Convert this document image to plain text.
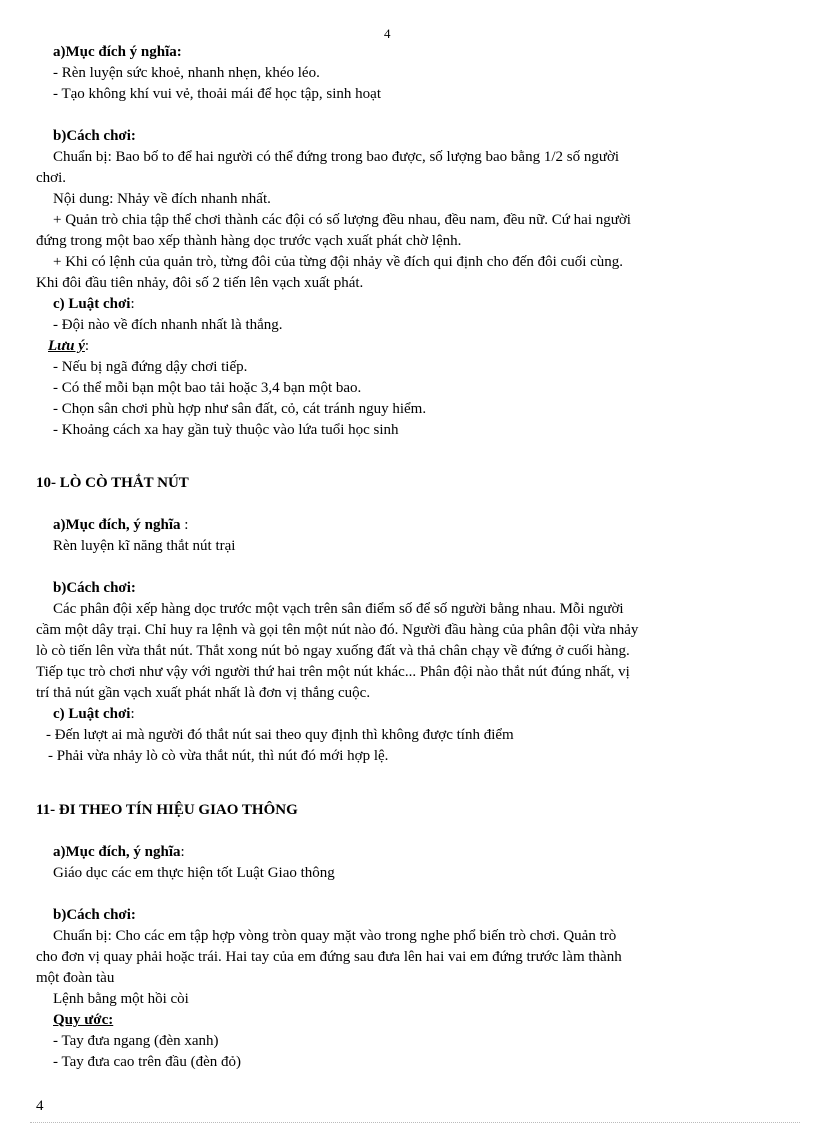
4
a)Mục đích ý nghĩa:
- Rèn luyện sức khoẻ, nhanh nhẹn, khéo léo.
- Tạo không khí vui vẻ, thoải mái để học tập, sinh hoạt
b)Cách chơi:
Chuẩn bị: Bao bố to để hai người có thể đứng trong bao được, số lượng bao bằng 1/2 số người
chơi.
Nội dung: Nhảy về đích nhanh nhất.
+ Quản trò chia tập thể chơi thành các đội có số lượng đều nhau, đều nam, đều nữ. Cứ hai người
đứng trong một bao xếp thành hàng dọc trước vạch xuất phát chờ lệnh.
+ Khi có lệnh của quản trò, từng đôi của từng đội nhảy về đích qui định cho đến đôi cuối cùng.
Khi đôi đầu tiên nhảy, đôi số 2 tiến lên vạch xuất phát.
c) Luật chơi:
- Đội nào về đích nhanh nhất là thắng.
Lưu ý:
- Nếu bị ngã đứng dậy chơi tiếp.
- Có thể mỗi bạn một bao tải hoặc 3,4 bạn một bao.
- Chọn sân chơi phù hợp như sân đất, cỏ, cát tránh nguy hiểm.
- Khoảng cách xa hay gần tuỳ thuộc vào lứa tuổi học sinh
10- LÒ CÒ THẮT NÚT
a)Mục đích, ý nghĩa :
Rèn luyện kĩ năng thắt nút trại
b)Cách chơi:
Các phân đội xếp hàng dọc trước một vạch trên sân điểm số để số người bằng nhau. Mỗi người
cầm một dây trại. Chỉ huy ra lệnh và gọi tên một nút nào đó. Người đầu hàng của phân đội vừa nhảy
lò cò tiến lên vừa thắt nút. Thắt xong nút bỏ ngay xuống đất và thả chân chạy về đứng ở cuối hàng.
Tiếp tục trò chơi như vậy với người thứ hai trên một nút khác... Phân đội nào thắt nút đúng nhất, vị
trí thả nút gần vạch xuất phát nhất là đơn vị thắng cuộc.
c) Luật chơi:
- Đến lượt ai mà người đó thắt nút sai theo quy định thì không được tính điểm
- Phải vừa nhảy lò cò vừa thắt nút, thì nút đó mới hợp lệ.
11- ĐI THEO TÍN HIỆU GIAO THÔNG
a)Mục đích, ý nghĩa:
Giáo dục các em thực hiện tốt Luật Giao thông
b)Cách chơi:
Chuẩn bị: Cho các em tập hợp vòng tròn quay mặt vào trong nghe phổ biến trò chơi. Quản trò
cho đơn vị quay phải hoặc trái. Hai tay của em đứng sau đưa lên hai vai em đứng trước làm thành
một đoàn tàu
Lệnh bằng một hồi còi
Quy ước:
- Tay đưa ngang (đèn xanh)
- Tay đưa cao trên đầu (đèn đỏ)
4
